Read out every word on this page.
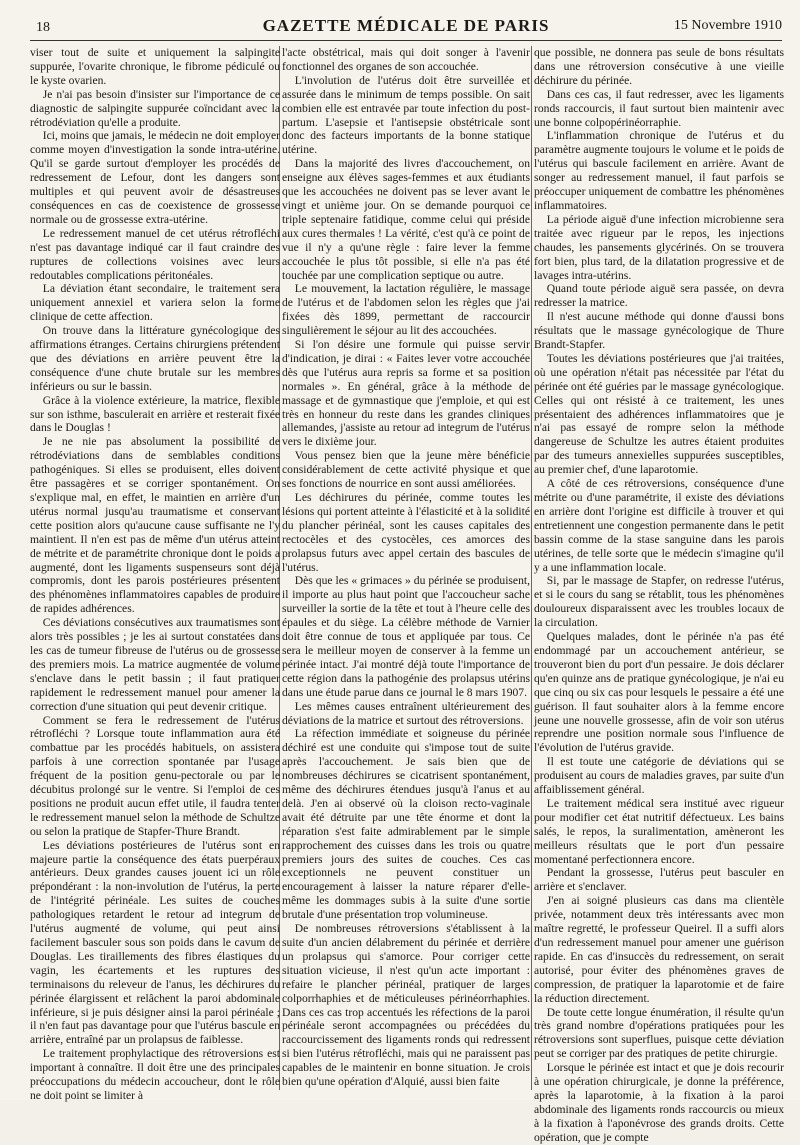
18	GAZETTE MÉDICALE DE PARIS	15 Novembre 1910

viser tout de suite et uniquement la salpingite suppurée, l'ovarite chronique, le fibrome pédiculé ou le kyste ovarien.

Je n'ai pas besoin d'insister sur l'importance de ce diagnostic de salpingite suppurée coïncidant avec la rétrodéviation qu'elle a produite.

Ici, moins que jamais, le médecin ne doit employer comme moyen d'investigation la sonde intra-utérine. Qu'il se garde surtout d'employer les procédés de redressement de Lefour, dont les dangers sont multiples et qui peuvent avoir de désastreuses conséquences en cas de coexistence de grossesse normale ou de grossesse extra-utérine.

Le redressement manuel de cet utérus rétrofléchi n'est pas davantage indiqué car il faut craindre des ruptures de collections voisines avec leurs redoutables complications péritonéales.

La déviation étant secondaire, le traitement sera uniquement annexiel et variera selon la forme clinique de cette affection.

On trouve dans la littérature gynécologique des affirmations étranges. Certains chirurgiens prétendent que des déviations en arrière peuvent être la conséquence d'une chute brutale sur les membres inférieurs ou sur le bassin.

Grâce à la violence extérieure, la matrice, flexible sur son isthme, basculerait en arrière et resterait fixée dans le Douglas !

Je ne nie pas absolument la possibilité de rétrodéviations dans de semblables conditions pathogéniques. Si elles se produisent, elles doivent être passagères et se corriger spontanément. On s'explique mal, en effet, le maintien en arrière d'un utérus normal jusqu'au traumatisme et conservant cette position alors qu'aucune cause suffisante ne l'y maintient. Il n'en est pas de même d'un utérus atteint de métrite et de paramétrite chronique dont le poids a augmenté, dont les ligaments suspenseurs sont déjà compromis, dont les parois postérieures présentent des phénomènes inflammatoires capables de produire de rapides adhérences.

Ces déviations consécutives aux traumatismes sont alors très possibles ; je les ai surtout constatées dans les cas de tumeur fibreuse de l'utérus ou de grossesse des premiers mois. La matrice augmentée de volume s'enclave dans le petit bassin ; il faut pratiquer rapidement le redressement manuel pour amener la correction d'une situation qui peut devenir critique.

Comment se fera le redressement de l'utérus rétrofléchi ? Lorsque toute inflammation aura été combattue par les procédés habituels, on assistera parfois à une correction spontanée par l'usage fréquent de la position genu-pectorale ou par le décubitus prolongé sur le ventre. Si l'emploi de ces positions ne produit aucun effet utile, il faudra tenter le redressement manuel selon la méthode de Schultze ou selon la pratique de Stapfer-Thure Brandt.

Les déviations postérieures de l'utérus sont en majeure partie la conséquence des états puerpéraux antérieurs. Deux grandes causes jouent ici un rôle prépondérant : la non-involution de l'utérus, la perte de l'intégrité périnéale. Les suites de couches pathologiques retardent le retour ad integrum de l'utérus augmenté de volume, qui peut ainsi facilement basculer sous son poids dans le cavum de Douglas. Les tiraillements des fibres élastiques du vagin, les écartements et les ruptures des terminaisons du releveur de l'anus, les déchirures du périnée élargissent et relâchent la paroi abdominale inférieure, si je puis désigner ainsi la paroi périnéale ; il n'en faut pas davantage pour que l'utérus bascule en arrière, entraîné par un prolapsus de faiblesse.

Le traitement prophylactique des rétroversions est important à connaître. Il doit être une des principales préoccupations du médecin accoucheur, dont le rôle ne doit point se limiter à

l'acte obstétrical, mais qui doit songer à l'avenir fonctionnel des organes de son accouchée.

L'involution de l'utérus doit être surveillée et assurée dans le minimum de temps possible. On sait combien elle est entravée par toute infection du post-partum. L'asepsie et l'antisepsie obstétricale sont donc des facteurs importants de la bonne statique utérine.

Dans la majorité des livres d'accouchement, on enseigne aux élèves sages-femmes et aux étudiants que les accouchées ne doivent pas se lever avant le vingt et unième jour. On se demande pourquoi ce triple septenaire fatidique, comme celui qui préside aux cures thermales ! La vérité, c'est qu'à ce point de vue il n'y a qu'une règle : faire lever la femme accouchée le plus tôt possible, si elle n'a pas été touchée par une complication septique ou autre.

Le mouvement, la lactation régulière, le massage de l'utérus et de l'abdomen selon les règles que j'ai fixées dès 1899, permettant de raccourcir singulièrement le séjour au lit des accouchées.

Si l'on désire une formule qui puisse servir d'indication, je dirai : « Faites lever votre accouchée dès que l'utérus aura repris sa forme et sa position normales ». En général, grâce à la méthode de massage et de gymnastique que j'emploie, et qui est très en honneur du reste dans les grandes cliniques allemandes, j'assiste au retour ad integrum de l'utérus vers le dixième jour.

Vous pensez bien que la jeune mère bénéficie considérablement de cette activité physique et que ses fonctions de nourrice en sont aussi améliorées.

Les déchirures du périnée, comme toutes les lésions qui portent atteinte à l'élasticité et à la solidité du plancher périnéal, sont les causes capitales des rectocèles et des cystocèles, ces amorces des prolapsus futurs avec appel certain des bascules de l'utérus.

Dès que les « grimaces » du périnée se produisent, il importe au plus haut point que l'accoucheur sache surveiller la sortie de la tête et tout à l'heure celle des épaules et du siège. La célèbre méthode de Varnier doit être connue de tous et appliquée par tous. Ce sera le meilleur moyen de conserver à la femme un périnée intact. J'ai montré déjà toute l'importance de cette région dans la pathogénie des prolapsus utérins dans une étude parue dans ce journal le 8 mars 1907.

Les mêmes causes entraînent ultérieurement des déviations de la matrice et surtout des rétroversions.

La réfection immédiate et soigneuse du périnée déchiré est une conduite qui s'impose tout de suite après l'accouchement. Je sais bien que de nombreuses déchirures se cicatrisent spontanément, même des déchirures étendues jusqu'à l'anus et au delà. J'en ai observé où la cloison recto-vaginale avait été détruite par une tête énorme et dont la réparation s'est faite admirablement par le simple rapprochement des cuisses dans les trois ou quatre premiers jours des suites de couches. Ces cas exceptionnels ne peuvent constituer un encouragement à laisser la nature réparer d'elle-même les dommages subis à la suite d'une sortie brutale d'une présentation trop volumineuse.

De nombreuses rétroversions s'établissent à la suite d'un ancien délabrement du périnée et derrière un prolapsus qui s'amorce. Pour corriger cette situation vicieuse, il n'est qu'un acte important : refaire le plancher périnéal, pratiquer de larges colporrhaphies et de méticuleuses périnéorrhaphies. Dans ces cas trop accentués les réfections de la paroi périnéale seront accompagnées ou précédées du raccourcissement des ligaments ronds qui redressent si bien l'utérus rétrofléchi, mais qui ne paraissent pas capables de le maintenir en bonne situation. Je crois bien qu'une opération d'Alquié, aussi bien faite

que possible, ne donnera pas seule de bons résultats dans une rétroversion consécutive à une vieille déchirure du périnée.

Dans ces cas, il faut redresser, avec les ligaments ronds raccourcis, il faut surtout bien maintenir avec une bonne colpopérinéorraphie.

L'inflammation chronique de l'utérus et du paramètre augmente toujours le volume et le poids de l'utérus qui bascule facilement en arrière. Avant de songer au redressement manuel, il faut parfois se préoccuper uniquement de combattre les phénomènes inflammatoires.

La période aiguë d'une infection microbienne sera traitée avec rigueur par le repos, les injections chaudes, les pansements glycérinés. On se trouvera fort bien, plus tard, de la dilatation progressive et de lavages intra-utérins.

Quand toute période aiguë sera passée, on devra redresser la matrice.

Il n'est aucune méthode qui donne d'aussi bons résultats que le massage gynécologique de Thure Brandt-Stapfer.

Toutes les déviations postérieures que j'ai traitées, où une opération n'était pas nécessitée par l'état du périnée ont été guéries par le massage gynécologique. Celles qui ont résisté à ce traitement, les unes présentaient des adhérences inflammatoires que je n'ai pas essayé de rompre selon la méthode dangereuse de Schultze les autres étaient produites par des tumeurs annexielles suppurées susceptibles, au premier chef, d'une laparotomie.

A côté de ces rétroversions, conséquence d'une métrite ou d'une paramétrite, il existe des déviations en arrière dont l'origine est difficile à trouver et qui entretiennent une congestion permanente dans le petit bassin comme de la stase sanguine dans les parois utérines, de telle sorte que le médecin s'imagine qu'il y a une inflammation locale.

Si, par le massage de Stapfer, on redresse l'utérus, et si le cours du sang se rétablit, tous les phénomènes douloureux disparaissent avec les troubles locaux de la circulation.

Quelques malades, dont le périnée n'a pas été endommagé par un accouchement antérieur, se trouveront bien du port d'un pessaire. Je dois déclarer qu'en quinze ans de pratique gynécologique, je n'ai eu que cinq ou six cas pour lesquels le pessaire a été une guérison. Il faut souhaiter alors à la femme encore jeune une nouvelle grossesse, afin de voir son utérus reprendre une position normale sous l'influence de l'évolution de l'utérus gravide.

Il est toute une catégorie de déviations qui se produisent au cours de maladies graves, par suite d'un affaiblissement général.

Le traitement médical sera institué avec rigueur pour modifier cet état nutritif défectueux. Les bains salés, le repos, la suralimentation, amèneront les meilleurs résultats que le port d'un pessaire momentané perfectionnera encore.

Pendant la grossesse, l'utérus peut basculer en arrière et s'enclaver.

J'en ai soigné plusieurs cas dans ma clientèle privée, notamment deux très intéressants avec mon maître regretté, le professeur Queirel. Il a suffi alors d'un redressement manuel pour amener une guérison rapide. En cas d'insuccès du redressement, on serait autorisé, pour éviter des phénomènes graves de compression, de pratiquer la laparotomie et de faire la réduction directement.

De toute cette longue énumération, il résulte qu'un très grand nombre d'opérations pratiquées pour les rétroversions sont superflues, puisque cette déviation peut se corriger par des pratiques de petite chirurgie.

Lorsque le périnée est intact et que je dois recourir à une opération chirurgicale, je donne la préférence, après la laparotomie, à la fixation à la paroi abdominale des ligaments ronds raccourcis ou mieux à la fixation à l'aponévrose des grands droits. Cette opération, que je compte
